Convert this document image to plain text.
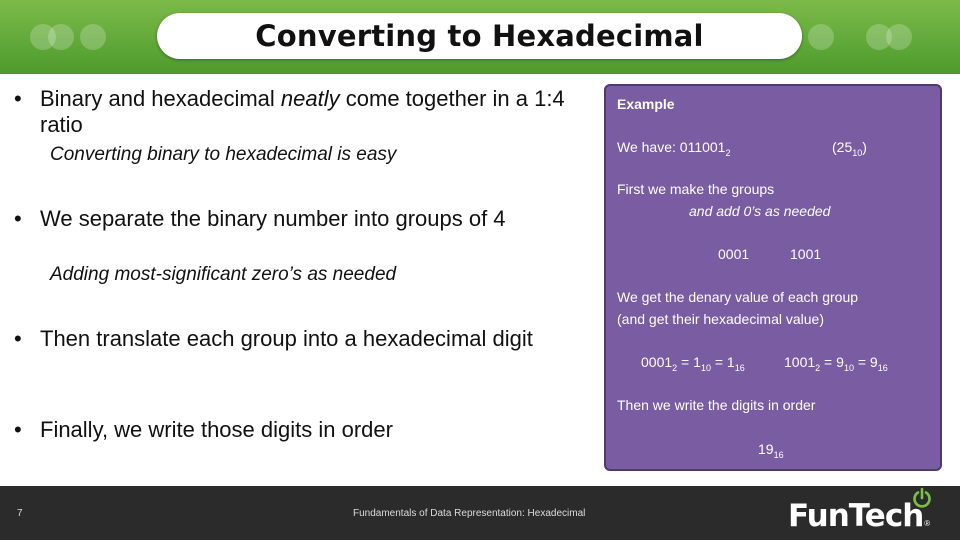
Converting to Hexadecimal
• Binary and hexadecimal neatly come together in a 1:4 ratio
Converting binary to hexadecimal is easy
• We separate the binary number into groups of 4
Adding most-significant zero’s as needed
• Then translate each group into a hexadecimal digit
• Finally, we write those digits in order
Example
We have: $011001_2$	$(25_{10})$
First we make the groups
and add 0’s as needed
0001	1001
We get the denary value of each group
(and get their hexadecimal value)
$0001_2 = 1_{10} = 1_{16}$	$1001_2 = 9_{10} = 9_{16}$
Then we write the digits in order
$19_{16}$
7	Fundamentals of Data Representation: Hexadecimal	FunTech ®
